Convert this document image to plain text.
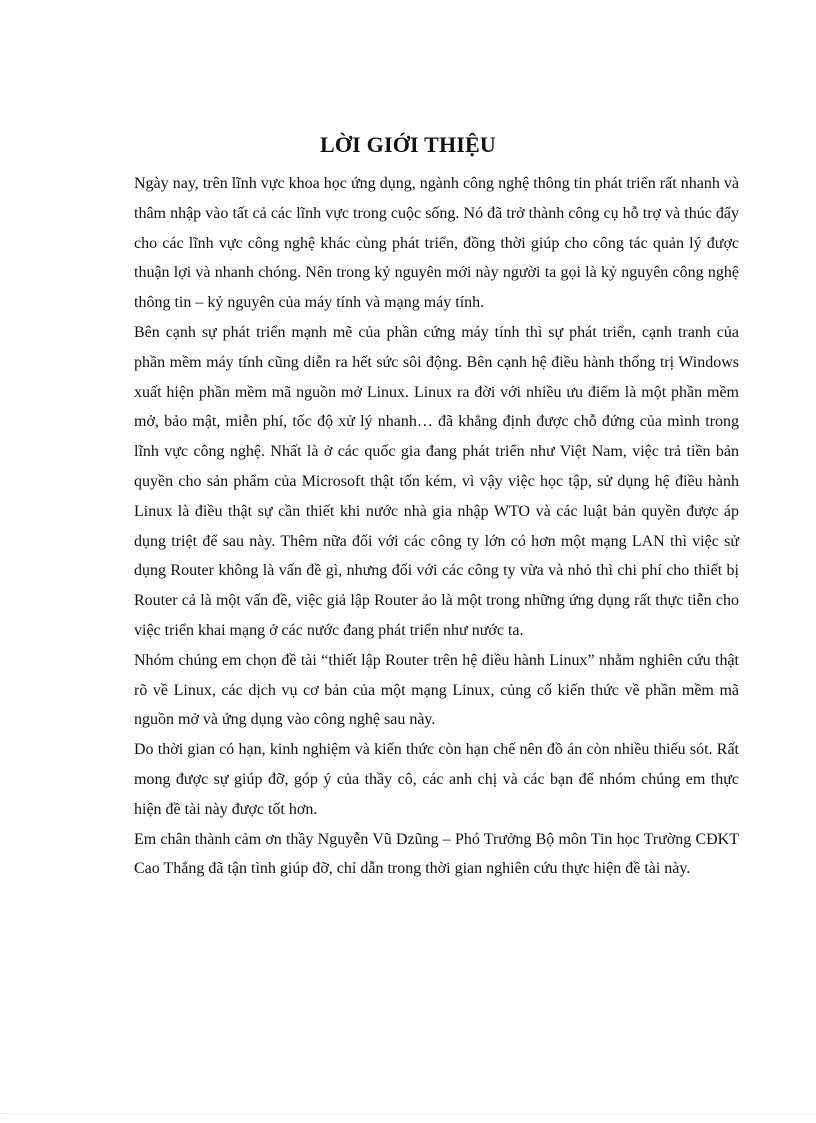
LỜI GIỚI THIỆU

Ngày nay, trên lĩnh vực khoa học ứng dụng, ngành công nghệ thông tin phát triển rất nhanh và thâm nhập vào tất cả các lĩnh vực trong cuộc sống. Nó đã trở thành công cụ hỗ trợ và thúc đẩy cho các lĩnh vực công nghệ khác cùng phát triển, đồng thời giúp cho công tác quản lý được thuận lợi và nhanh chóng. Nên trong kỷ nguyên mới này người ta gọi là kỷ nguyên công nghệ thông tin – kỷ nguyên của máy tính và mạng máy tính.

Bên cạnh sự phát triển mạnh mẽ của phần cứng máy tính thì sự phát triển, cạnh tranh của phần mềm máy tính cũng diễn ra hết sức sôi động. Bên cạnh hệ điều hành thống trị Windows xuất hiện phần mềm mã nguồn mở Linux. Linux ra đời với nhiều ưu điểm là một phần mềm mở, bảo mật, miễn phí, tốc độ xử lý nhanh… đã khẳng định được chỗ đứng của mình trong lĩnh vực công nghệ. Nhất là ở các quốc gia đang phát triển như Việt Nam, việc trả tiền bản quyền cho sản phẩm của Microsoft thật tốn kém, vì vậy việc học tập, sử dụng hệ điều hành Linux là điều thật sự cần thiết khi nước nhà gia nhập WTO và các luật bản quyền được áp dụng triệt để sau này. Thêm nữa đối với các công ty lớn có hơn một mạng LAN thì việc sử dụng Router không là vấn đề gì, nhưng đối với các công ty vừa và nhỏ thì chi phí cho thiết bị Router cả là một vấn đề, việc giả lập Router ảo là một trong những ứng dụng rất thực tiễn cho việc triển khai mạng ở các nước đang phát triển như nước ta.

Nhóm chúng em chọn đề tài “thiết lập Router trên hệ điều hành Linux” nhằm nghiên cứu thật rõ về Linux, các dịch vụ cơ bản của một mạng Linux, củng cố kiến thức về phần mềm mã nguồn mở và ứng dụng vào công nghệ sau này.

Do thời gian có hạn, kinh nghiệm và kiến thức còn hạn chế nên đồ án còn nhiều thiếu sót. Rất mong được sự giúp đỡ, góp ý của thầy cô, các anh chị và các bạn để nhóm chúng em thực hiện đề tài này được tốt hơn.

Em chân thành cảm ơn thầy Nguyễn Vũ Dzũng – Phó Trưởng Bộ môn Tin học Trường CĐKT Cao Thắng đã tận tình giúp đỡ, chỉ dẫn trong thời gian nghiên cứu thực hiện đề tài này.
